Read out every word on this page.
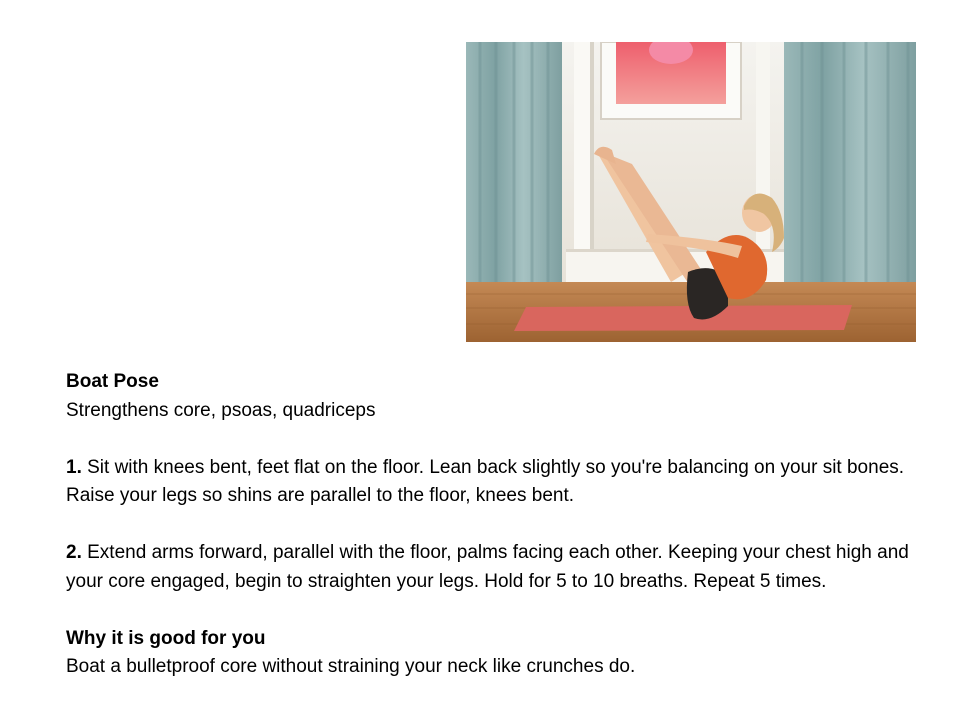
Boat Pose

Strengthens core, psoas, quadriceps

1. Sit with knees bent, feet flat on the floor. Lean back slightly so you're balancing on your sit bones. Raise your legs so shins are parallel to the floor, knees bent.

2. Extend arms forward, parallel with the floor, palms facing each other. Keeping your chest high and your core engaged, begin to straighten your legs. Hold for 5 to 10 breaths. Repeat 5 times.

Why it is good for you

Boat a bulletproof core without straining your neck like crunches do.
